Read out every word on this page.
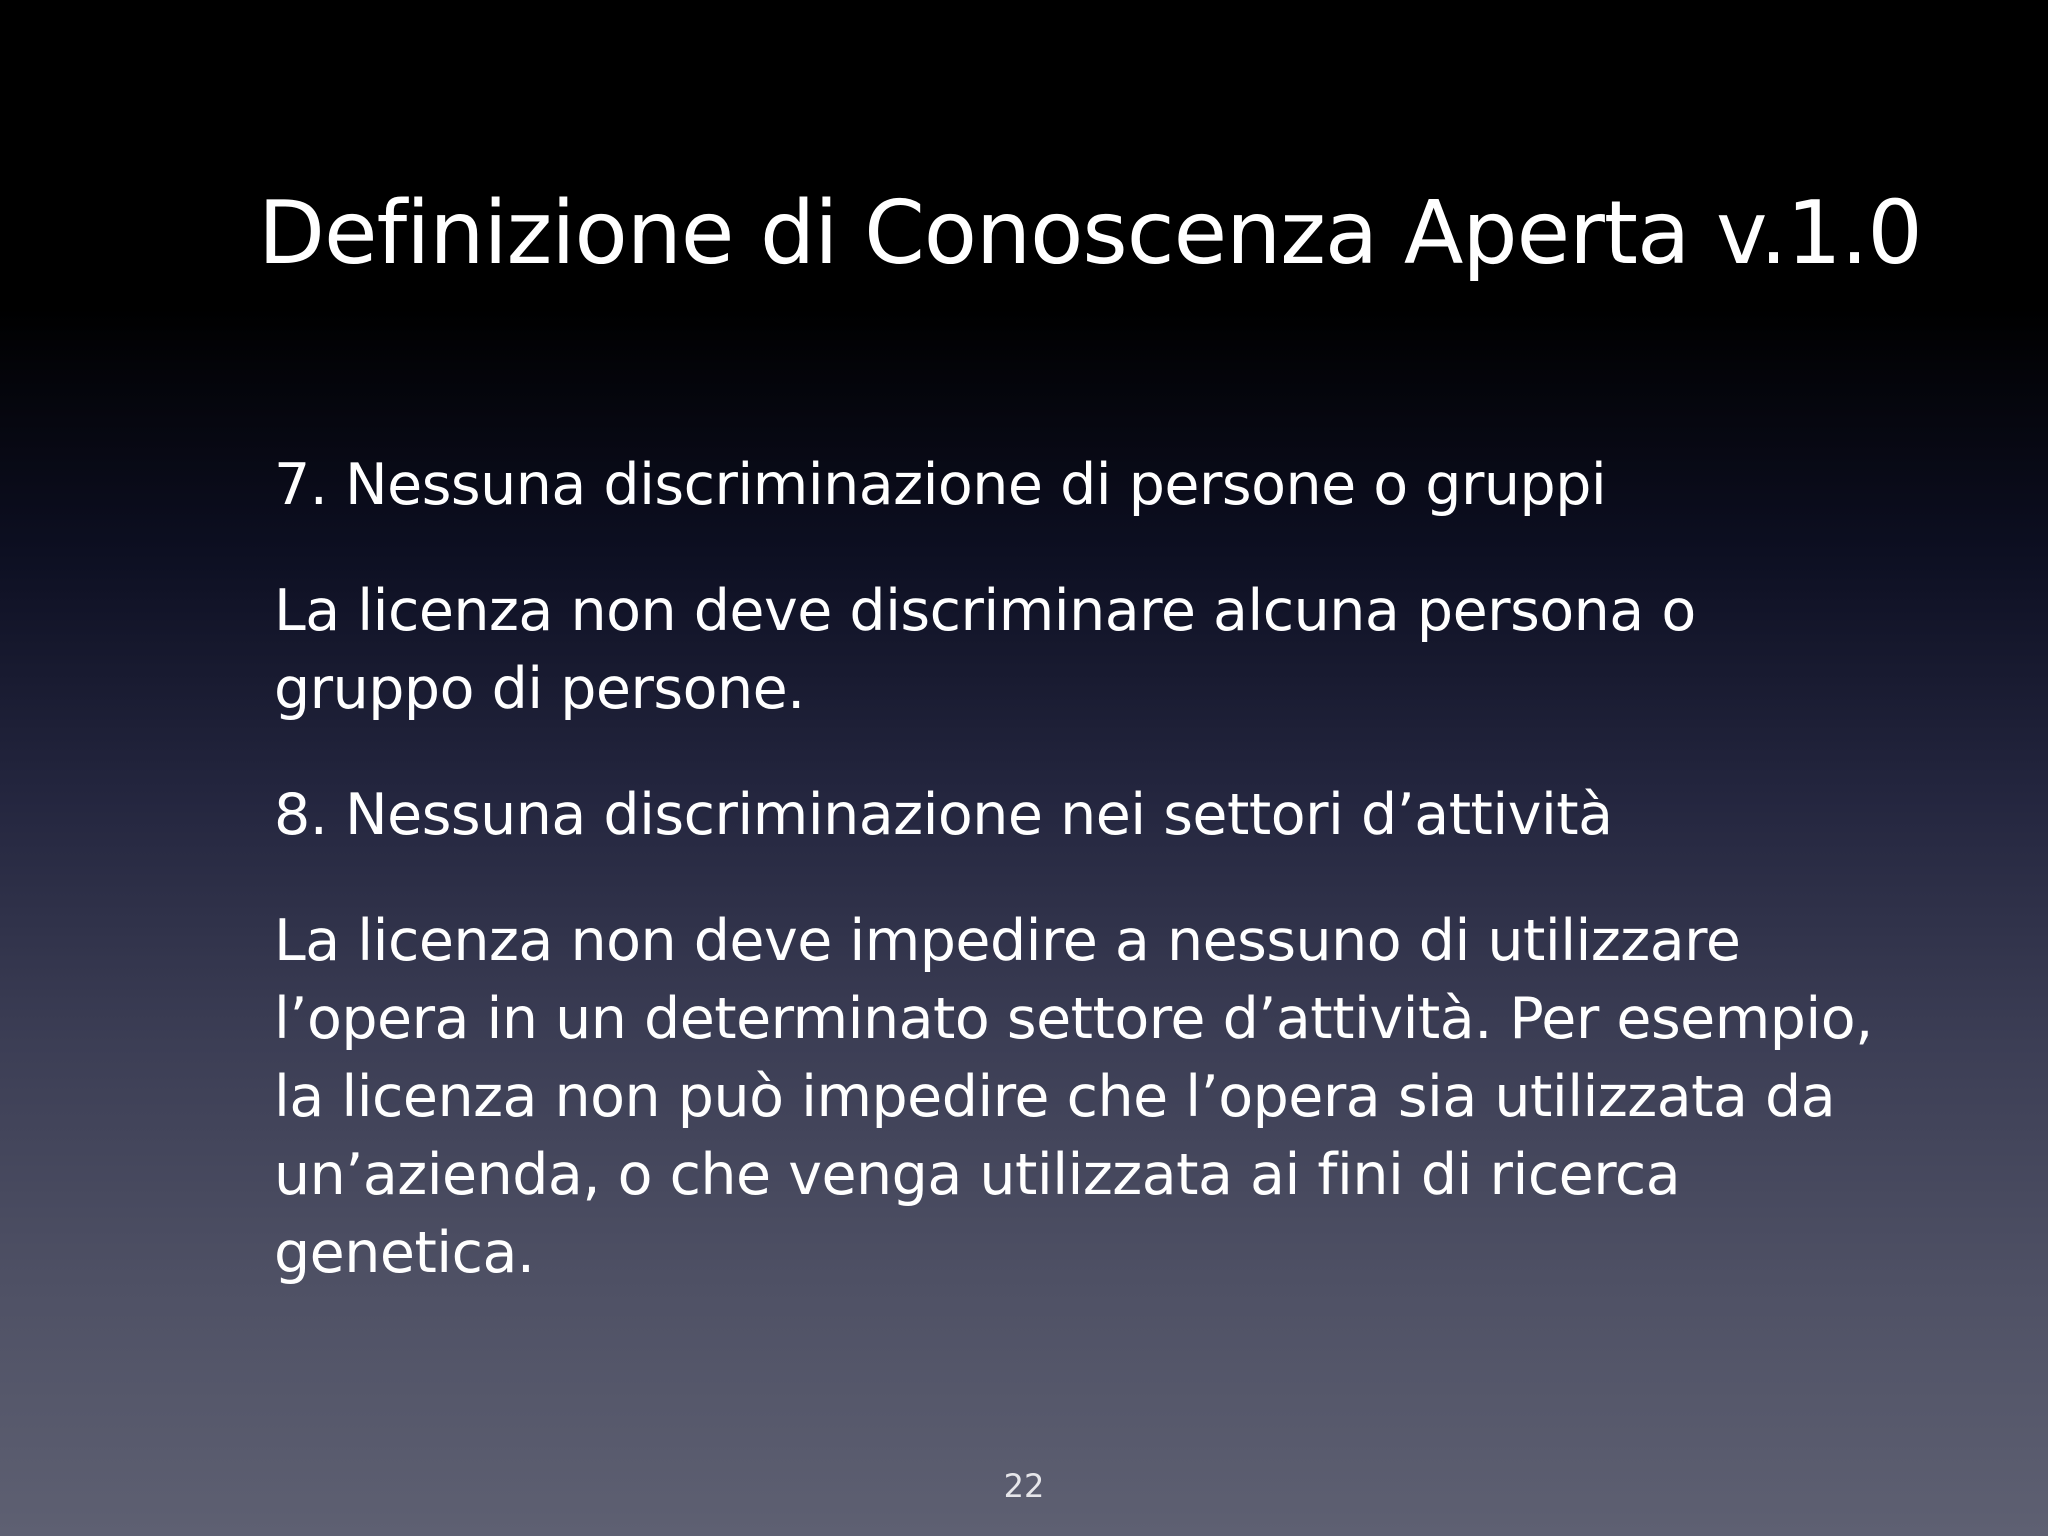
Definizione di Conoscenza Aperta v.1.0

7. Nessuna discriminazione di persone o gruppi

La licenza non deve discriminare alcuna persona o
gruppo di persone.

8. Nessuna discriminazione nei settori d’attività

La licenza non deve impedire a nessuno di utilizzare
l’opera in un determinato settore d’attività. Per esempio,
la licenza non può impedire che l’opera sia utilizzata da
un’azienda, o che venga utilizzata ai fini di ricerca
genetica.

22
